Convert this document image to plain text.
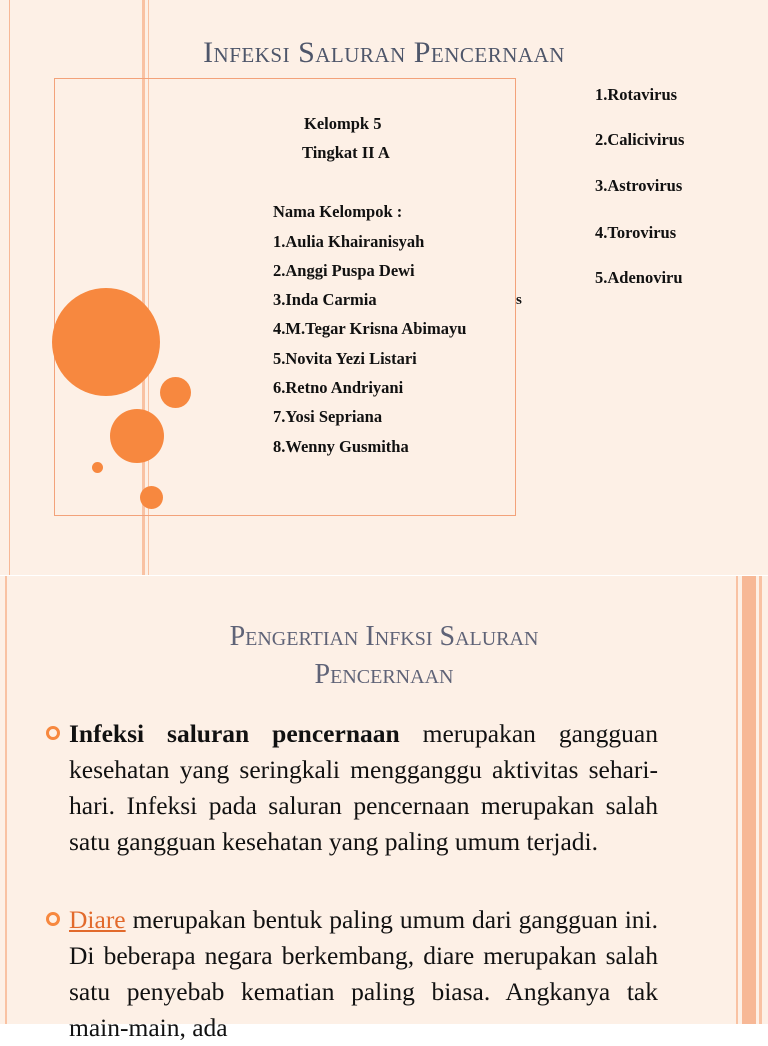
Infeksi Saluran Pencernaan
Kelompk 5
Tingkat II A
Nama Kelompok :
1.Aulia Khairanisyah
2.Anggi Puspa Dewi
3.Inda Carmia
4.M.Tegar Krisna Abimayu
5.Novita Yezi Listari
6.Retno Andriyani
7.Yosi Sepriana
8.Wenny Gusmitha
s
1.Rotavirus
2.Calicivirus
3.Astrovirus
4.Torovirus
5.Adenoviru
Pengertian Infksi Saluran
Pencernaan
Infeksi saluran pencernaan merupakan gangguan kesehatan yang seringkali mengganggu aktivitas sehari-hari. Infeksi pada saluran pencernaan merupakan salah satu gangguan kesehatan yang paling umum terjadi.
Diare merupakan bentuk paling umum dari gangguan ini. Di beberapa negara berkembang, diare merupakan salah satu penyebab kematian paling biasa. Angkanya tak main-main, ada
